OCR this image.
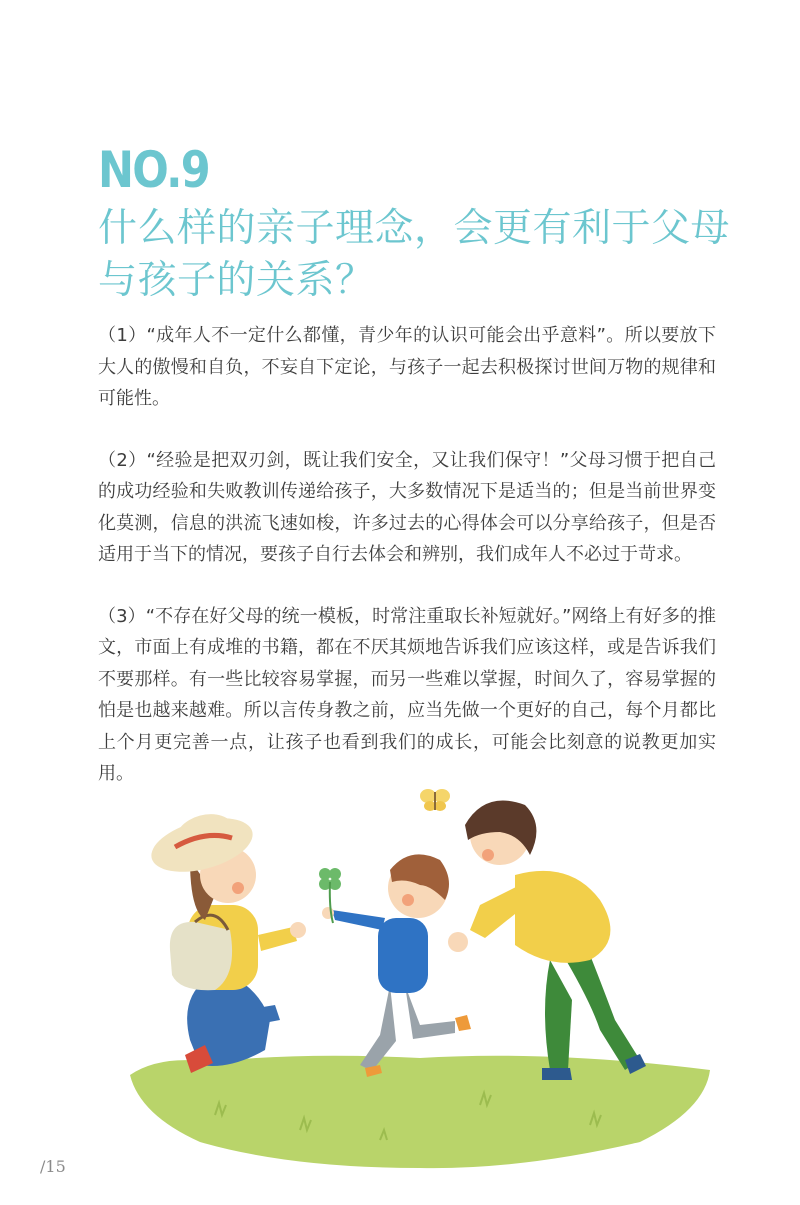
NO.9
什么样的亲子理念，会更有利于父母与孩子的关系？

（1）“成年人不一定什么都懂，青少年的认识可能会出乎意料”。所以要放下大人的傲慢和自负，不妄自下定论，与孩子一起去积极探讨世间万物的规律和可能性。

（2）“经验是把双刃剑，既让我们安全，又让我们保守！”父母习惯于把自己的成功经验和失败教训传递给孩子，大多数情况下是适当的；但是当前世界变化莫测，信息的洪流飞速如梭，许多过去的心得体会可以分享给孩子，但是否适用于当下的情况，要孩子自行去体会和辨别，我们成年人不必过于苛求。

（3）“不存在好父母的统一模板，时常注重取长补短就好。”网络上有好多的推文，市面上有成堆的书籍，都在不厌其烦地告诉我们应该这样，或是告诉我们不要那样。有一些比较容易掌握，而另一些难以掌握，时间久了，容易掌握的怕是也越来越难。所以言传身教之前，应当先做一个更好的自己，每个月都比上个月更完善一点，让孩子也看到我们的成长，可能会比刻意的说教更加实用。

/15
